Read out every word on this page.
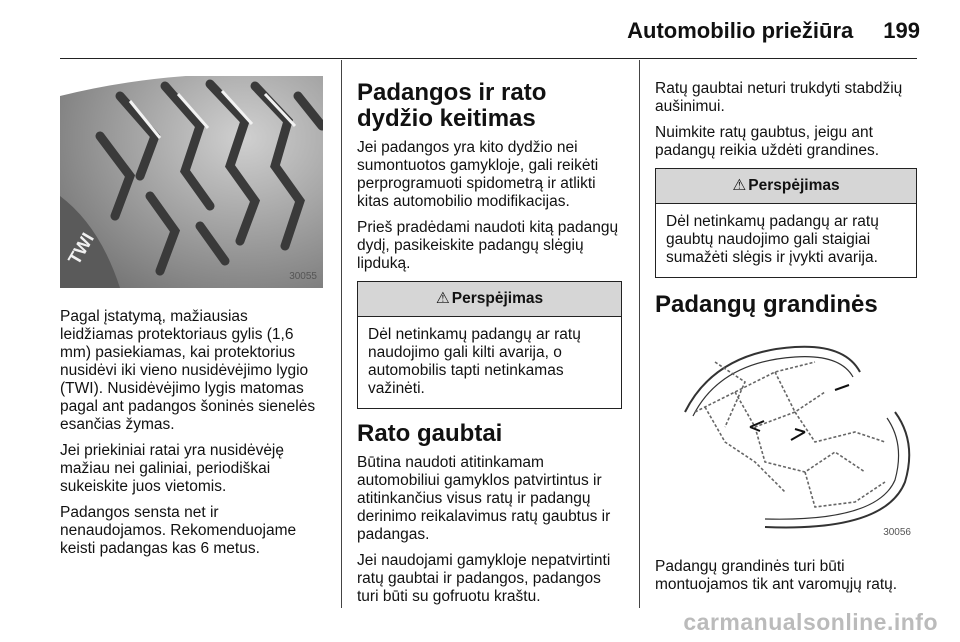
Automobilio priežiūra 199
TWI
30055

Pagal įstatymą, mažiausias leidžiamas protektoriaus gylis (1,6 mm) pasiekiamas, kai protektorius nusidėvi iki vieno nusidėvėjimo lygio (TWI). Nusidėvėjimo lygis matomas pagal ant padangos šoninės sienelės esančias žymas.

Jei priekiniai ratai yra nusidėvėję mažiau nei galiniai, periodiškai sukeiskite juos vietomis.

Padangos sensta net ir nenaudojamos. Rekomenduojame keisti padangas kas 6 metus.

Padangos ir rato dydžio keitimas

Jei padangos yra kito dydžio nei sumontuotos gamykloje, gali reikėti perprogramuoti spidometrą ir atlikti kitas automobilio modifikacijas.

Prieš pradėdami naudoti kitą padangų dydį, pasikeiskite padangų slėgių lipduką.

⚠ Perspėjimas
Dėl netinkamų padangų ar ratų naudojimo gali kilti avarija, o automobilis tapti netinkamas važinėti.
Rato gaubtai

Būtina naudoti atitinkamam automobiliui gamyklos patvirtintus ir atitinkančius visus ratų ir padangų derinimo reikalavimus ratų gaubtus ir padangas.

Jei naudojami gamykloje nepatvirtinti ratų gaubtai ir padangos, padangos turi būti su gofruotu kraštu.

Ratų gaubtai neturi trukdyti stabdžių aušinimui.

Nuimkite ratų gaubtus, jeigu ant padangų reikia uždėti grandines.

⚠ Perspėjimas
Dėl netinkamų padangų ar ratų gaubtų naudojimo gali staigiai sumažėti slėgis ir įvykti avarija.
Padangų grandinės
30056

Padangų grandinės turi būti montuojamos tik ant varomųjų ratų.

carmanualsonline.info
